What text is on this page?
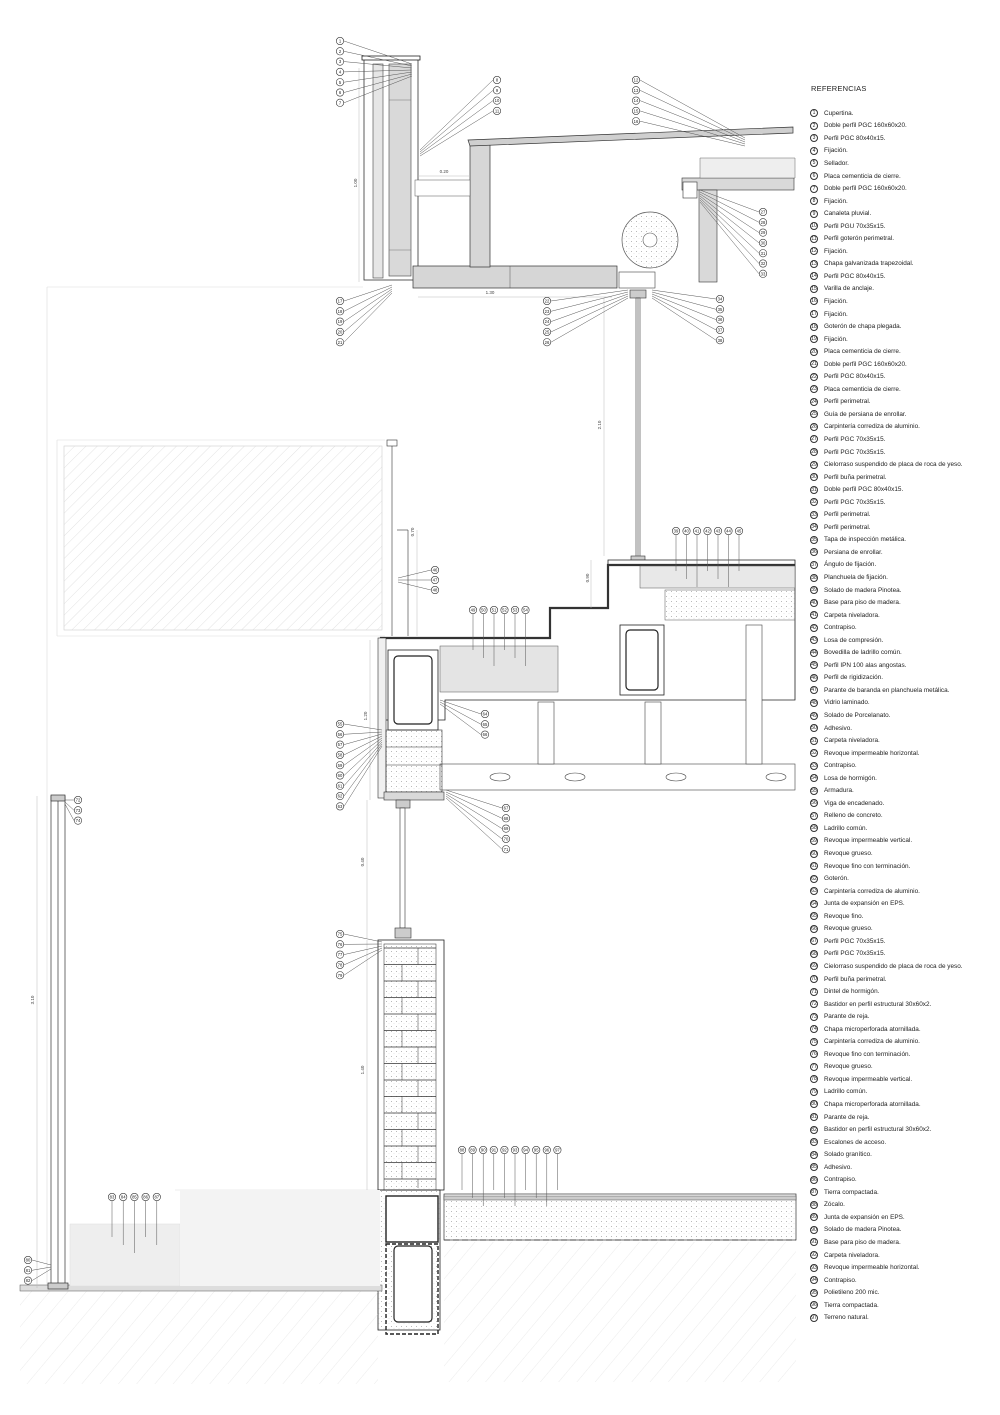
1.00
0.20
1.30
2.10
0.90
0.70
1.20
3.10
1.40
0.40
1
2
3
4
5
6
7
8
9
10
11
12
13
14
15
16
27
28
29
30
31
32
33
17
18
19
20
21
22
23
24
25
26
34
35
36
37
38
39 40 41 42 43 44 45
46
47
48
49 50 51 52 53 54
64
65
66
55
56
57
58
59
60
61
62
63	67
68
69
70
71
72
73
74
75
76
77
78
79
80
81
82
83 84 85 86 87
88 89 90 91 92 93 94 95 96 97
REFERENCIAS
1	Cupertina.
2	Doble perfil PGC 160x60x20.
3	Perfil PGC 80x40x15.
4	Fijación.
5	Sellador.
6	Placa cementicia de cierre.
7	Doble perfil PGC 160x60x20.
8	Fijación.
9	Canaleta pluvial.
10 Perfil PGU 70x35x15.
11 Perfil goterón perimetral.
12 Fijación.
13 Chapa galvanizada trapezoidal.
14 Perfil PGC 80x40x15.
15 Varilla de anclaje.
16 Fijación.
17 Fijación.
18 Goterón de chapa plegada.
19 Fijación.
20 Placa cementicia de cierre.
21 Doble perfil PGC 160x60x20.
22 Perfil PGC 80x40x15.
23 Placa cementicia de cierre.
24 Perfil perimetral.
25 Guía de persiana de enrollar.
26 Carpintería corrediza de aluminio.
27 Perfil PGC 70x35x15.
28 Perfil PGC 70x35x15.
29 Cielorraso suspendido de placa de roca de yeso.
30 Perfil buña perimetral.
31 Doble perfil PGC 80x40x15.
32 Perfil PGC 70x35x15.
33 Perfil perimetral.
34 Perfil perimetral.
35 Tapa de inspección metálica.
36 Persiana de enrollar.
37 Ángulo de fijación.
38 Planchuela de fijación.
39 Solado de madera Pinotea.
40 Base para piso de madera.
41 Carpeta niveladora.
42 Contrapiso.
43 Losa de compresión.
44 Bovedilla de ladrillo común.
45 Perfil IPN 100 alas angostas.
46 Perfil de rigidización.
47 Parante de baranda en planchuela metálica.
48 Vidrio laminado.
49 Solado de Porcelanato.
50 Adhesivo.
51 Carpeta niveladora.
52 Revoque impermeable horizontal.
53 Contrapiso.
54 Losa de hormigón.
55 Armadura.
56 Viga de encadenado.
57 Relleno de concreto.
58 Ladrillo común.
59 Revoque impermeable vertical.
60 Revoque grueso.
61 Revoque fino con terminación.
62 Goterón.
63 Carpintería corrediza de aluminio.
64 Junta de expansión en EPS.
65 Revoque fino.
66 Revoque grueso.
67 Perfil PGC 70x35x15.
68 Perfil PGC 70x35x15.
69 Cielorraso suspendido de placa de roca de yeso.
70 Perfil buña perimetral.
71 Dintel de hormigón.
72 Bastidor en perfil estructural 30x60x2.
73 Parante de reja.
74 Chapa microperforada atornillada.
75 Carpintería corrediza de aluminio.
76 Revoque fino con terminación.
77 Revoque grueso.
78 Revoque impermeable vertical.
79 Ladrillo común.
80 Chapa microperforada atornillada.
81 Parante de reja.
82 Bastidor en perfil estructural 30x60x2.
83 Escalones de acceso.
84 Solado granítico.
85 Adhesivo.
86 Contrapiso.
87 Tierra compactada.
88 Zócalo.
89 Junta de expansión en EPS.
90 Solado de madera Pinotea.
91 Base para piso de madera.
92 Carpeta niveladora.
93 Revoque impermeable horizontal.
94 Contrapiso.
95 Polietileno 200 mic.
96 Tierra compactada.
97 Terreno natural.
